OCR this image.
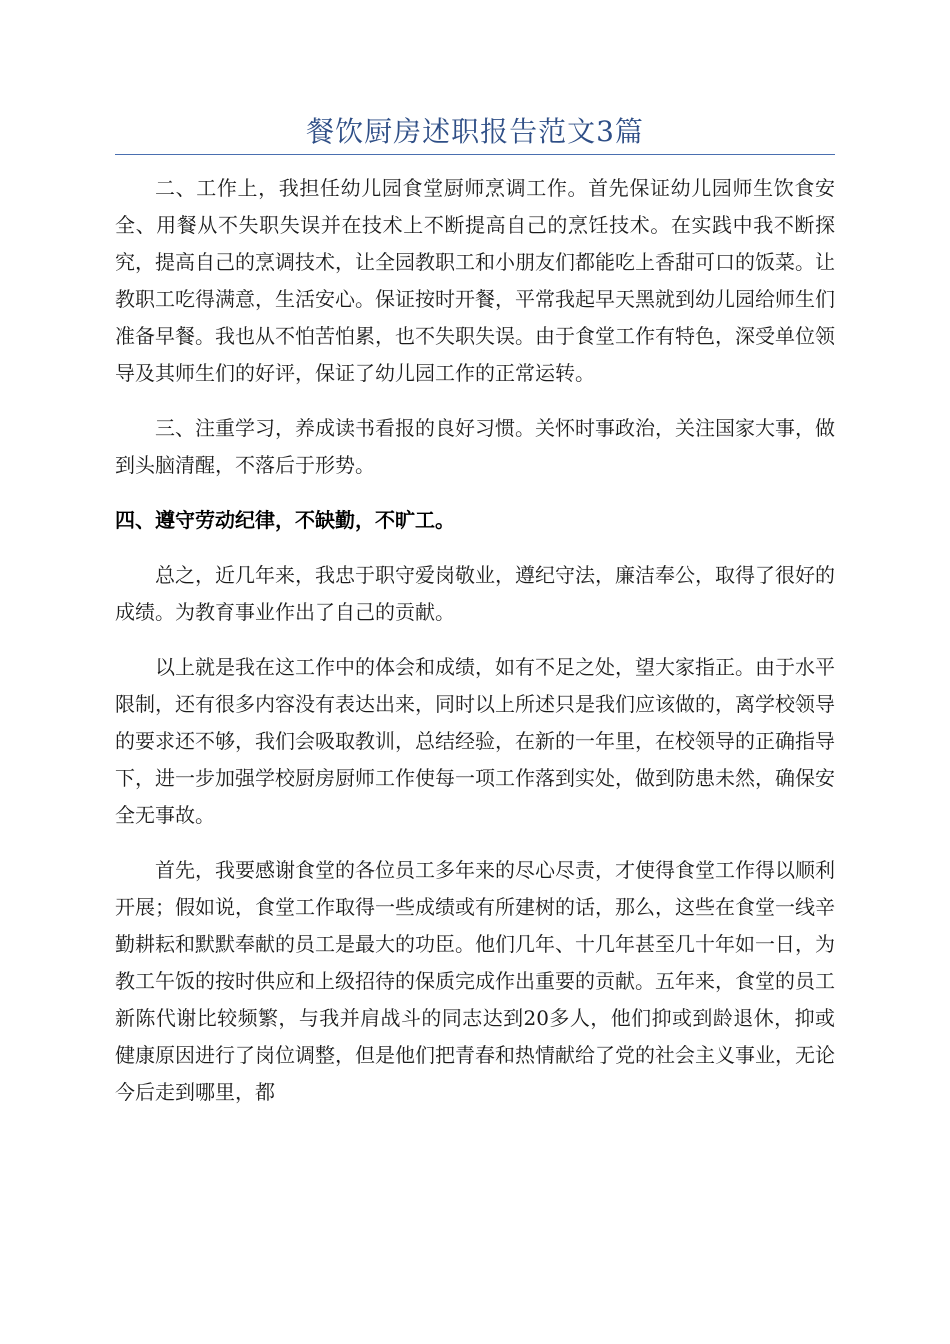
餐饮厨房述职报告范文3篇

二、工作上，我担任幼儿园食堂厨师烹调工作。首先保证幼儿园师生饮食安全、用餐从不失职失误并在技术上不断提高自己的烹饪技术。在实践中我不断探究，提高自己的烹调技术，让全园教职工和小朋友们都能吃上香甜可口的饭菜。让教职工吃得满意，生活安心。保证按时开餐，平常我起早天黑就到幼儿园给师生们准备早餐。我也从不怕苦怕累，也不失职失误。由于食堂工作有特色，深受单位领导及其师生们的好评，保证了幼儿园工作的正常运转。

三、注重学习，养成读书看报的良好习惯。关怀时事政治，关注国家大事，做到头脑清醒，不落后于形势。

四、遵守劳动纪律，不缺勤，不旷工。

总之，近几年来，我忠于职守爱岗敬业，遵纪守法，廉洁奉公，取得了很好的成绩。为教育事业作出了自己的贡献。

以上就是我在这工作中的体会和成绩，如有不足之处，望大家指正。由于水平限制，还有很多内容没有表达出来，同时以上所述只是我们应该做的，离学校领导的要求还不够，我们会吸取教训，总结经验，在新的一年里，在校领导的正确指导下，进一步加强学校厨房厨师工作使每一项工作落到实处，做到防患未然，确保安全无事故。

首先，我要感谢食堂的各位员工多年来的尽心尽责，才使得食堂工作得以顺利开展；假如说，食堂工作取得一些成绩或有所建树的话，那么，这些在食堂一线辛勤耕耘和默默奉献的员工是最大的功臣。他们几年、十几年甚至几十年如一日，为教工午饭的按时供应和上级招待的保质完成作出重要的贡献。五年来，食堂的员工新陈代谢比较频繁，与我并肩战斗的同志达到20多人，他们抑或到龄退休，抑或健康原因进行了岗位调整，但是他们把青春和热情献给了党的社会主义事业，无论今后走到哪里，都
